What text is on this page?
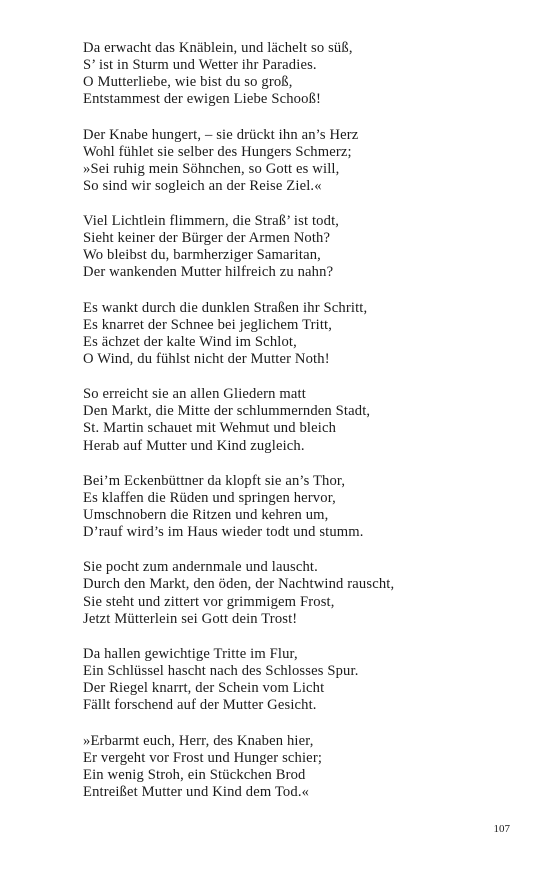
Da erwacht das Knäblein, und lächelt so süß,
S’ ist in Sturm und Wetter ihr Paradies.
O Mutterliebe, wie bist du so groß,
Entstammest der ewigen Liebe Schooß!
Der Knabe hungert, – sie drückt ihn an’s Herz
Wohl fühlet sie selber des Hungers Schmerz;
»Sei ruhig mein Söhnchen, so Gott es will,
So sind wir sogleich an der Reise Ziel.«
Viel Lichtlein flimmern, die Straß’ ist todt,
Sieht keiner der Bürger der Armen Noth?
Wo bleibst du, barmherziger Samaritan,
Der wankenden Mutter hilfreich zu nahn?
Es wankt durch die dunklen Straßen ihr Schritt,
Es knarret der Schnee bei jeglichem Tritt,
Es ächzet der kalte Wind im Schlot,
O Wind, du fühlst nicht der Mutter Noth!
So erreicht sie an allen Gliedern matt
Den Markt, die Mitte der schlummernden Stadt,
St. Martin schauet mit Wehmut und bleich
Herab auf Mutter und Kind zugleich.
Bei’m Eckenbüttner da klopft sie an’s Thor,
Es klaffen die Rüden und springen hervor,
Umschnobern die Ritzen und kehren um,
D’rauf wird’s im Haus wieder todt und stumm.
Sie pocht zum andernmale und lauscht.
Durch den Markt, den öden, der Nachtwind rauscht,
Sie steht und zittert vor grimmigem Frost,
Jetzt Mütterlein sei Gott dein Trost!
Da hallen gewichtige Tritte im Flur,
Ein Schlüssel hascht nach des Schlosses Spur.
Der Riegel knarrt, der Schein vom Licht
Fällt forschend auf der Mutter Gesicht.
»Erbarmt euch, Herr, des Knaben hier,
Er vergeht vor Frost und Hunger schier;
Ein wenig Stroh, ein Stückchen Brod
Entreißet Mutter und Kind dem Tod.«
107
